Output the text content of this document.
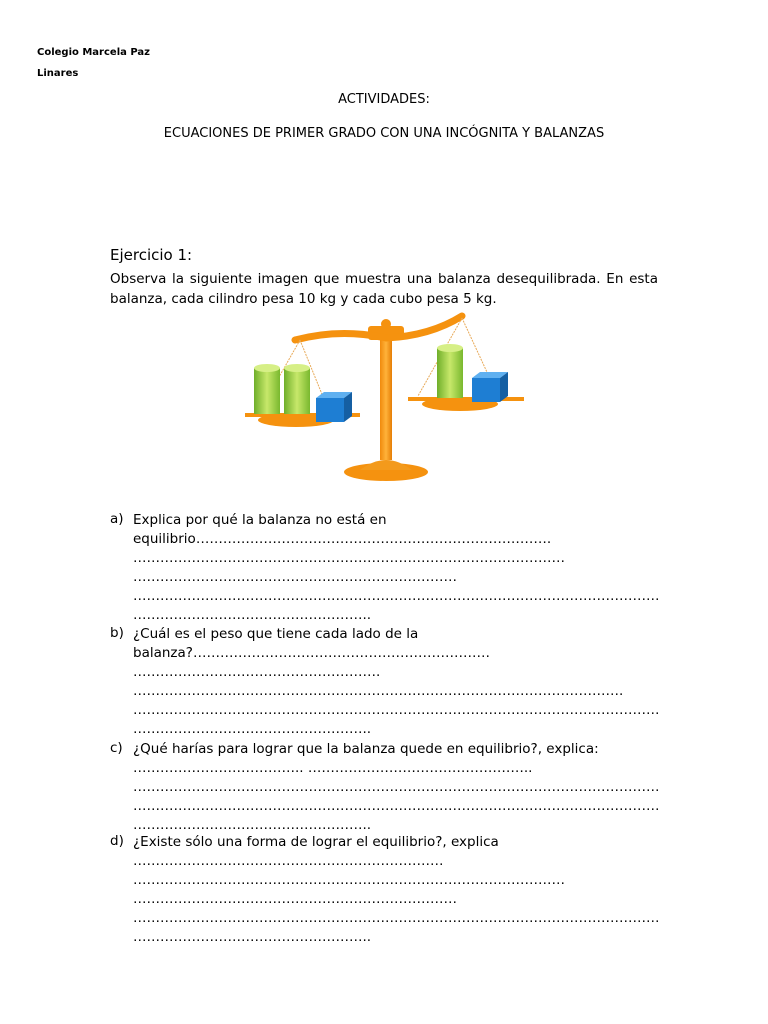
Colegio Marcela Paz
Linares
ACTIVIDADES:
ECUACIONES DE PRIMER GRADO CON UNA INCÓGNITA Y BALANZAS
Ejercicio 1:
Observa la siguiente imagen que muestra una balanza desequilibrada. En esta balanza, cada cilindro pesa 10 kg y cada cubo pesa 5 kg.
a) Explica por qué la balanza no está en
equilibrio…………………………………………………………………….
……………………………………………………………………………………
………………………………………………………………
………………………………………………………………………………………………………
……………………………………………..
b) ¿Cuál es el peso que tiene cada lado de la
balanza?…………………………………………………………
……………………………………………….
……………………………………………………………………………………………….
………………………………………………………………………………………………………
……………………………………………..
c) ¿Qué harías para lograr que la balanza quede en equilibrio?, explica:
……………………………….. …………………………………………..
………………………………………………………………………………………………………
………………………………………………………………………………………………………
……………………………………………..
d) ¿Existe sólo una forma de lograr el equilibrio?, explica
……………………………………………………………
……………………………………………………………………………………
………………………………………………………………
………………………………………………………………………………………………………
……………………………………………..
